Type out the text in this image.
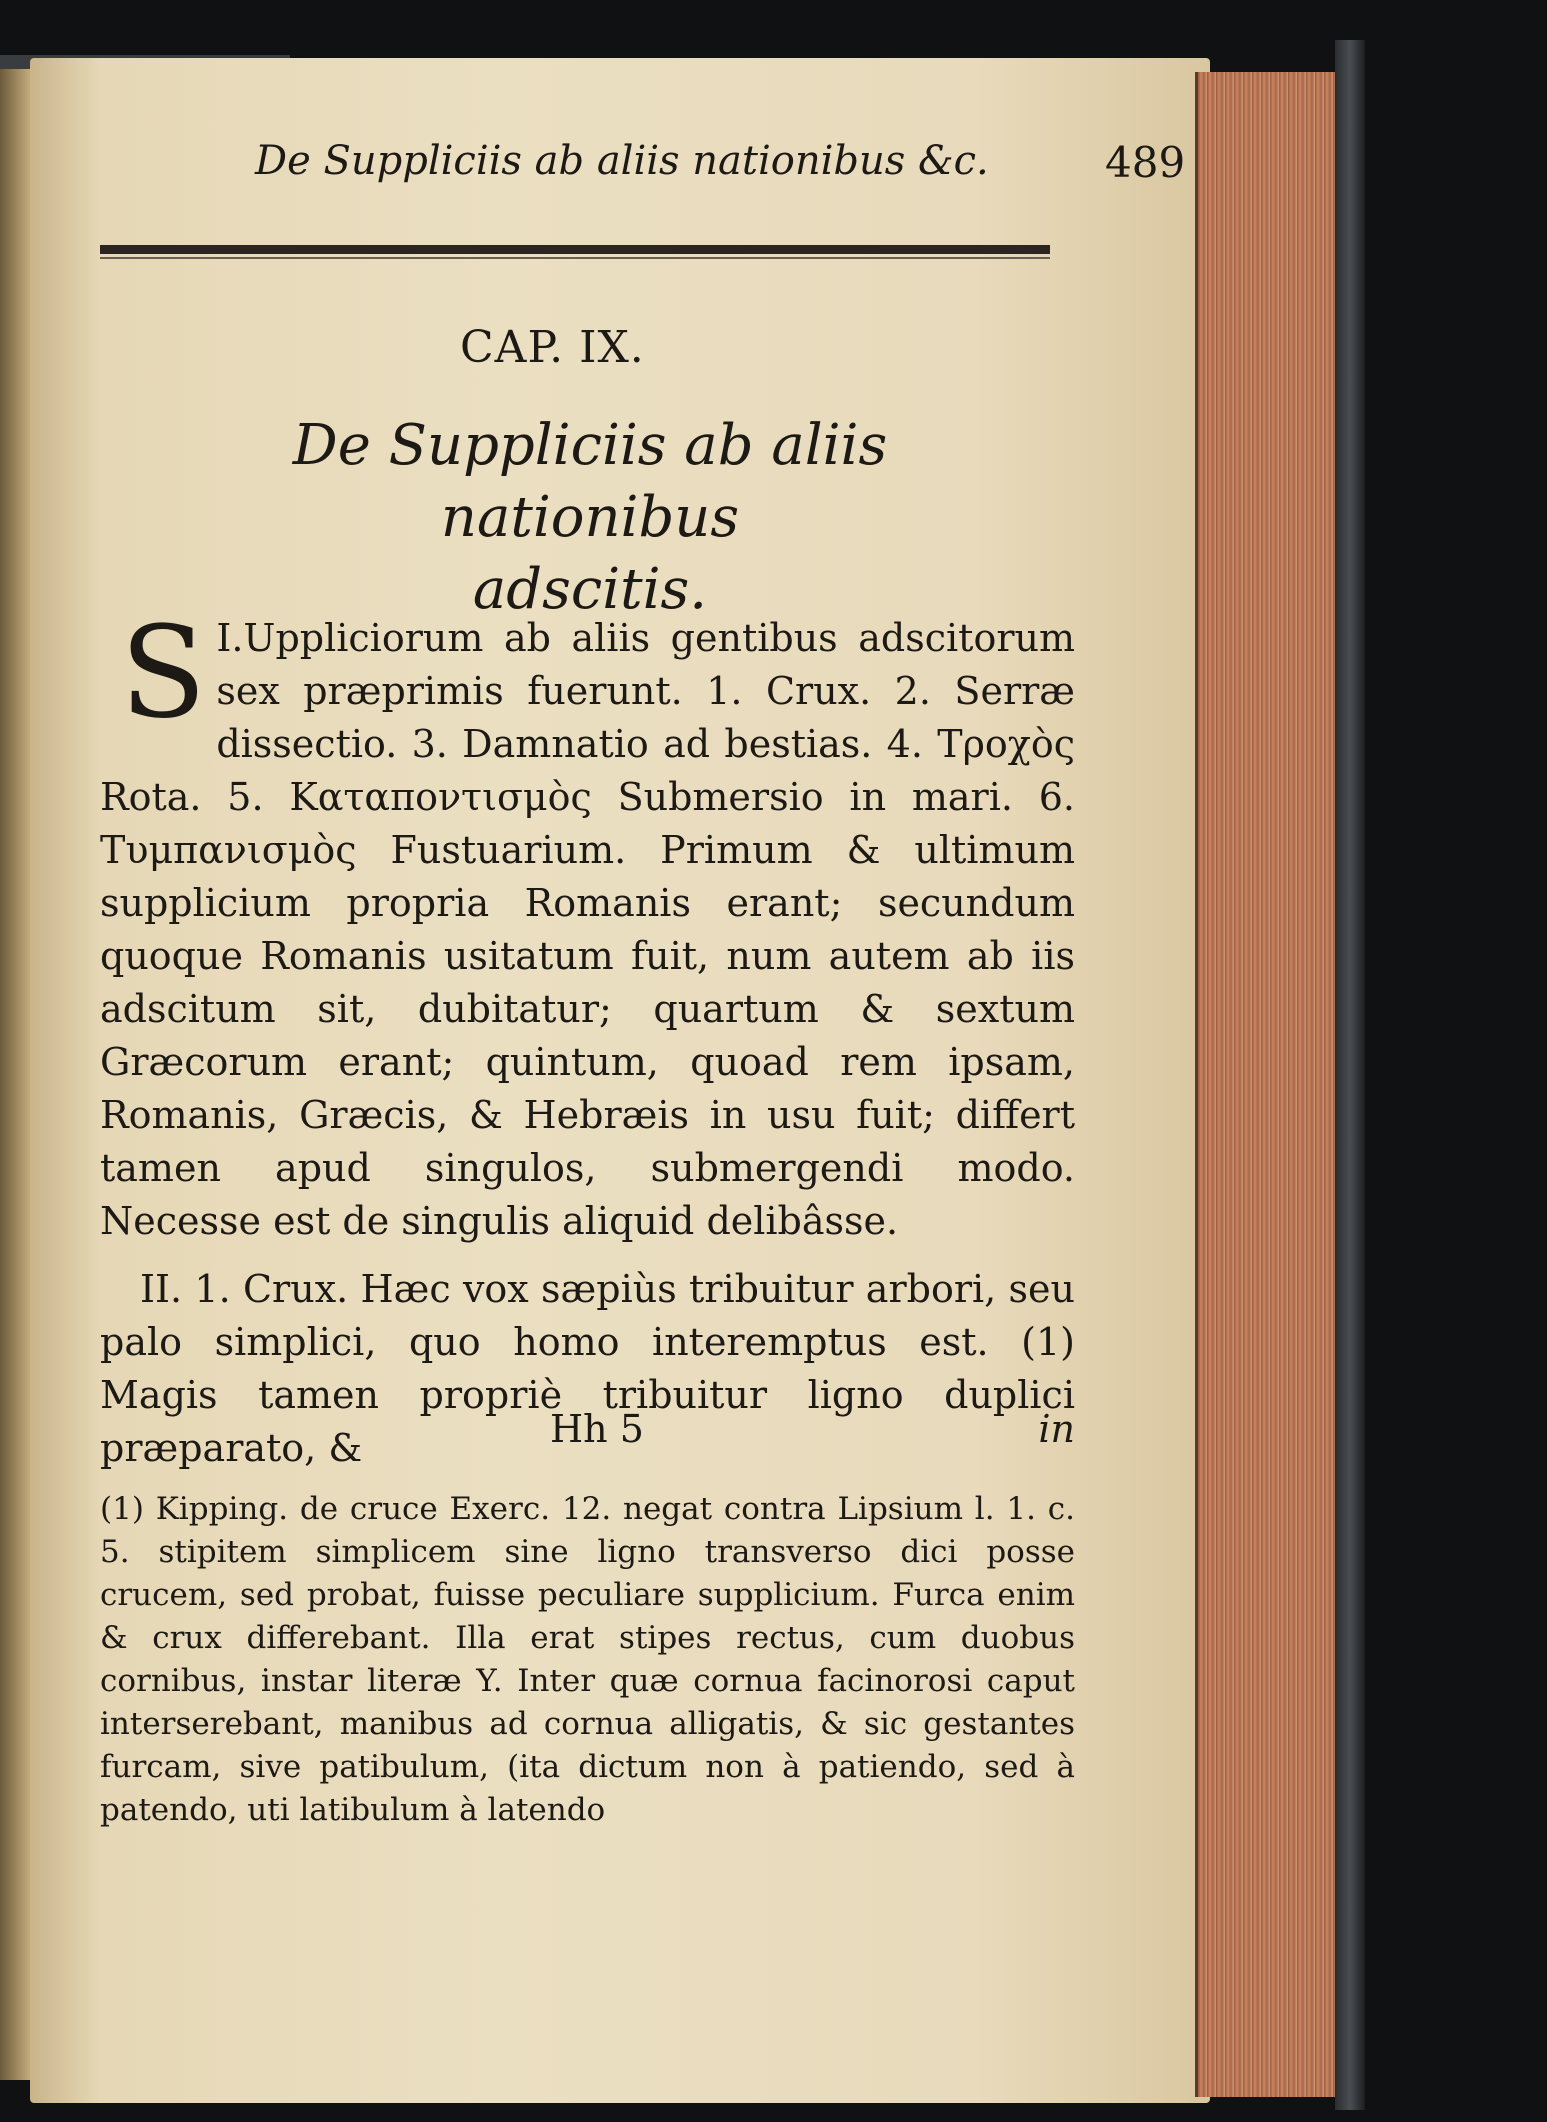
De Suppliciis ab aliis nationibus &c.	489
CAP. IX.
De Suppliciis ab aliis nationibus
adscitis.

I.
S Uppliciorum ab aliis gentibus adscitorum sex præprimis fuerunt. 1. Crux. 2. Serræ dissectio. 3. Damnatio ad bestias. 4. Τροχὸς Rota. 5. Καταποντισμὸς Submersio in mari. 6. Τυμπανισμὸς Fustuarium. Primum & ultimum supplicium propria Romanis erant; secundum quoque Romanis usitatum fuit, num autem ab iis adscitum sit, dubitatur; quartum & sextum Græcorum erant; quintum, quoad rem ipsam, Romanis, Græcis, & Hebræis in usu fuit; differt tamen apud singulos, submergendi modo. Necesse est de singulis aliquid delibâsse.

II. 1. Crux. Hæc vox sæpiùs tribuitur arbori, seu palo simplici, quo homo interemptus est. (1) Magis tamen propriè tribuitur ligno duplici præparato, &	Hh 5	in
(1) Kipping. de cruce Exerc. 12. negat contra Lipsium l. 1. c. 5. stipitem simplicem sine ligno transverso dici posse crucem, sed probat, fuisse peculiare supplicium. Furca enim & crux differebant. Illa erat stipes rectus, cum duobus cornibus, instar literæ Y. Inter quæ cornua facinorosi caput interserebant, manibus ad cornua alligatis, & sic gestantes furcam, sive patibulum, (ita dictum non à patiendo, sed à patendo, uti latibulum à latendo
